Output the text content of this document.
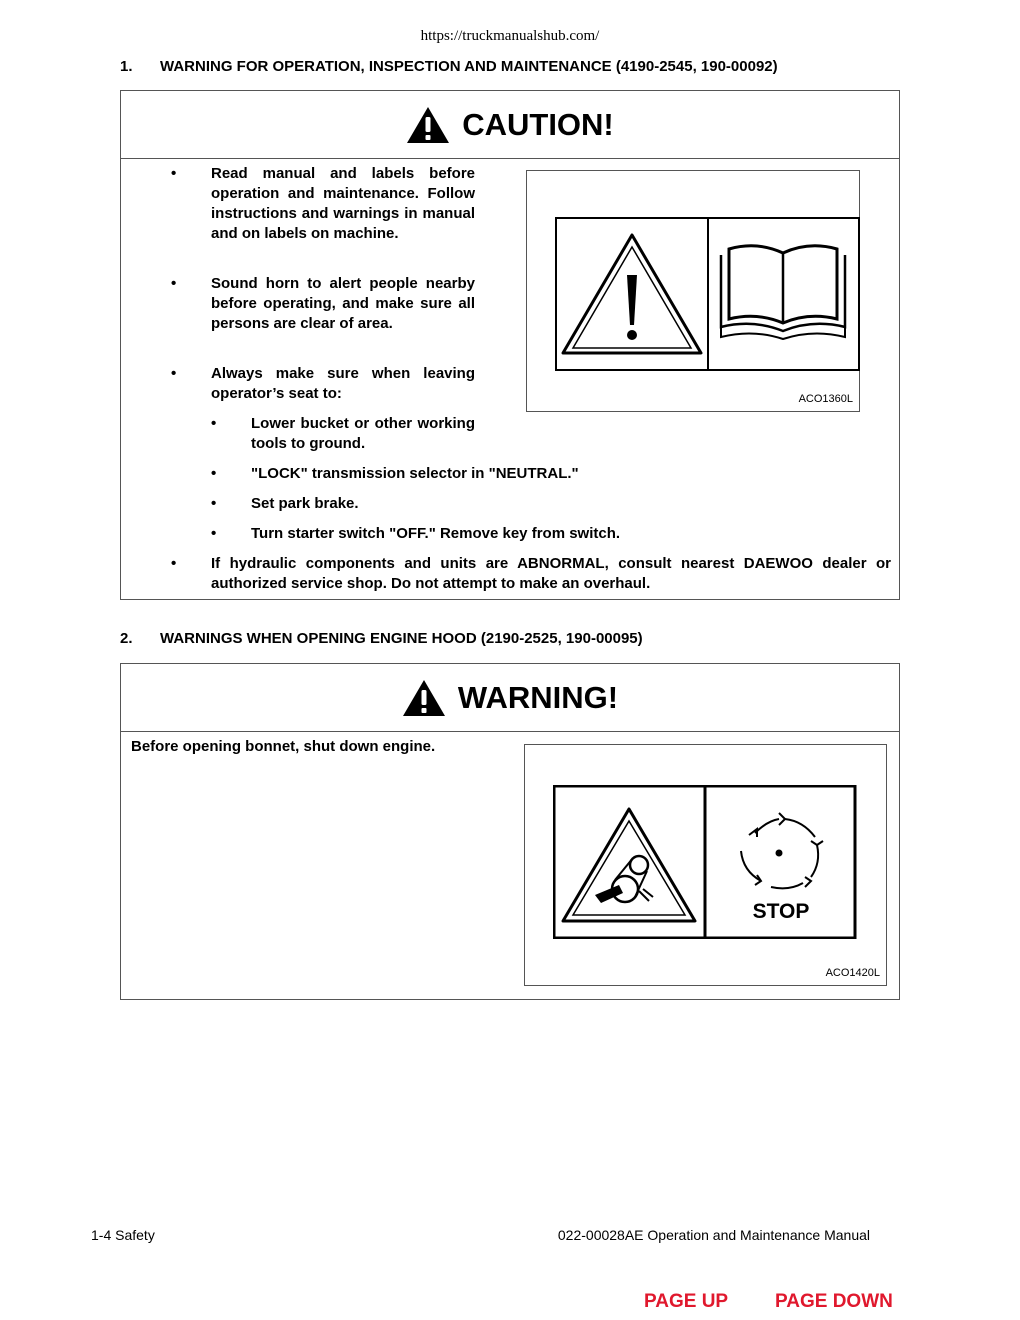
https://truckmanualshub.com/
1. WARNING FOR OPERATION, INSPECTION AND MAINTENANCE (4190-2545, 190-00092)
CAUTION!
• Read manual and labels before operation and maintenance. Follow instructions and warnings in manual and on labels on machine.
• Sound horn to alert people nearby before operating, and make sure all persons are clear of area.
• Always make sure when leaving operator’s seat to:
• Lower bucket or other working tools to ground.
• "LOCK" transmission selector in "NEUTRAL."
• Set park brake.
• Turn starter switch "OFF." Remove key from switch.
• If hydraulic components and units are ABNORMAL, consult nearest DAEWOO dealer or authorized service shop. Do not attempt to make an overhaul.
ACO1360L
2. WARNINGS WHEN OPENING ENGINE HOOD (2190-2525, 190-00095)
WARNING!
Before opening bonnet, shut down engine.
STOP
ACO1420L
1-4 Safety	022-00028AE Operation and Maintenance Manual
PAGE UP PAGE DOWN
